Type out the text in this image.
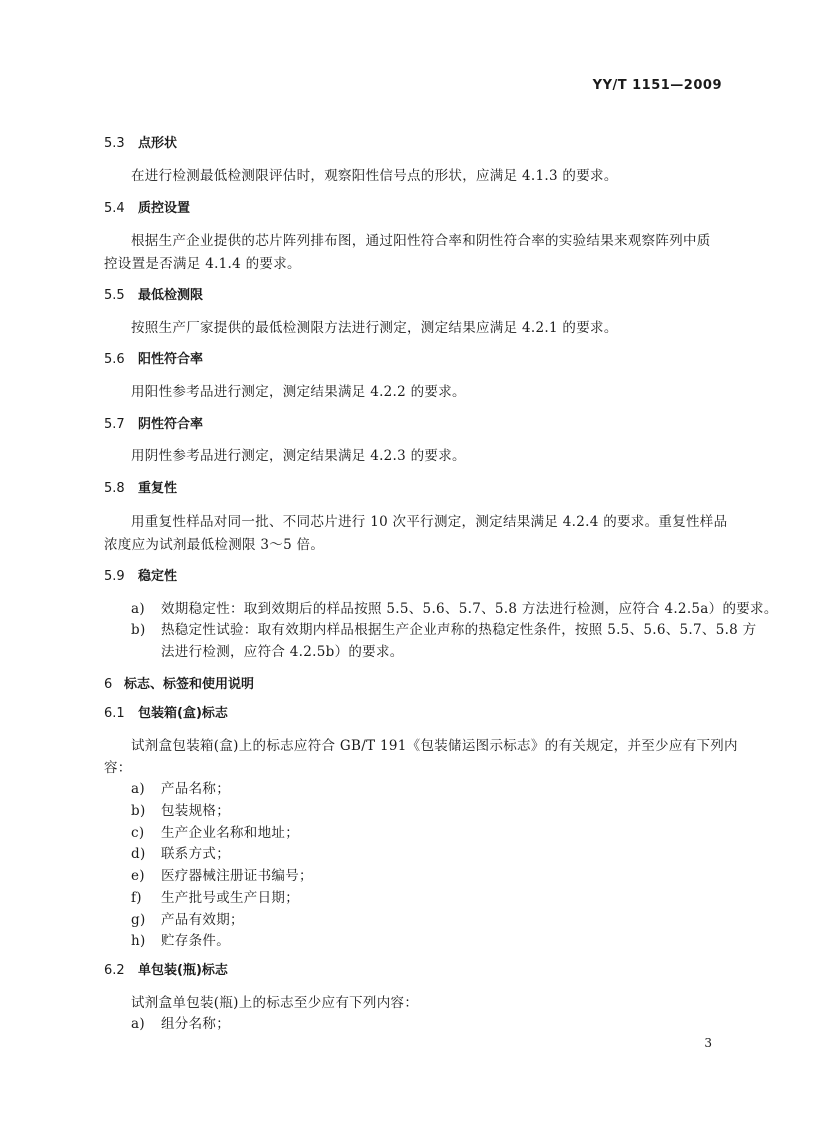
YY/T 1151—2009
5.3 点形状
在进行检测最低检测限评估时，观察阳性信号点的形状，应满足 4.1.3 的要求。
5.4 质控设置
根据生产企业提供的芯片阵列排布图，通过阳性符合率和阴性符合率的实验结果来观察阵列中质
控设置是否满足 4.1.4 的要求。
5.5 最低检测限
按照生产厂家提供的最低检测限方法进行测定，测定结果应满足 4.2.1 的要求。
5.6 阳性符合率
用阳性参考品进行测定，测定结果满足 4.2.2 的要求。
5.7 阴性符合率
用阴性参考品进行测定，测定结果满足 4.2.3 的要求。
5.8 重复性
用重复性样品对同一批、不同芯片进行 10 次平行测定，测定结果满足 4.2.4 的要求。重复性样品
浓度应为试剂最低检测限 3～5 倍。
5.9 稳定性
a) 效期稳定性：取到效期后的样品按照 5.5、5.6、5.7、5.8 方法进行检测，应符合 4.2.5a）的要求。
b) 热稳定性试验：取有效期内样品根据生产企业声称的热稳定性条件，按照 5.5、5.6、5.7、5.8 方
法进行检测，应符合 4.2.5b）的要求。
6 标志、标签和使用说明
6.1 包装箱(盒)标志
试剂盒包装箱(盒)上的标志应符合 GB/T 191《包装储运图示标志》的有关规定，并至少应有下列内
容：
a) 产品名称；
b) 包装规格；
c) 生产企业名称和地址；
d) 联系方式；
e) 医疗器械注册证书编号；
f) 生产批号或生产日期；
g) 产品有效期；
h) 贮存条件。
6.2 单包装(瓶)标志
试剂盒单包装(瓶)上的标志至少应有下列内容：
a) 组分名称；
3
